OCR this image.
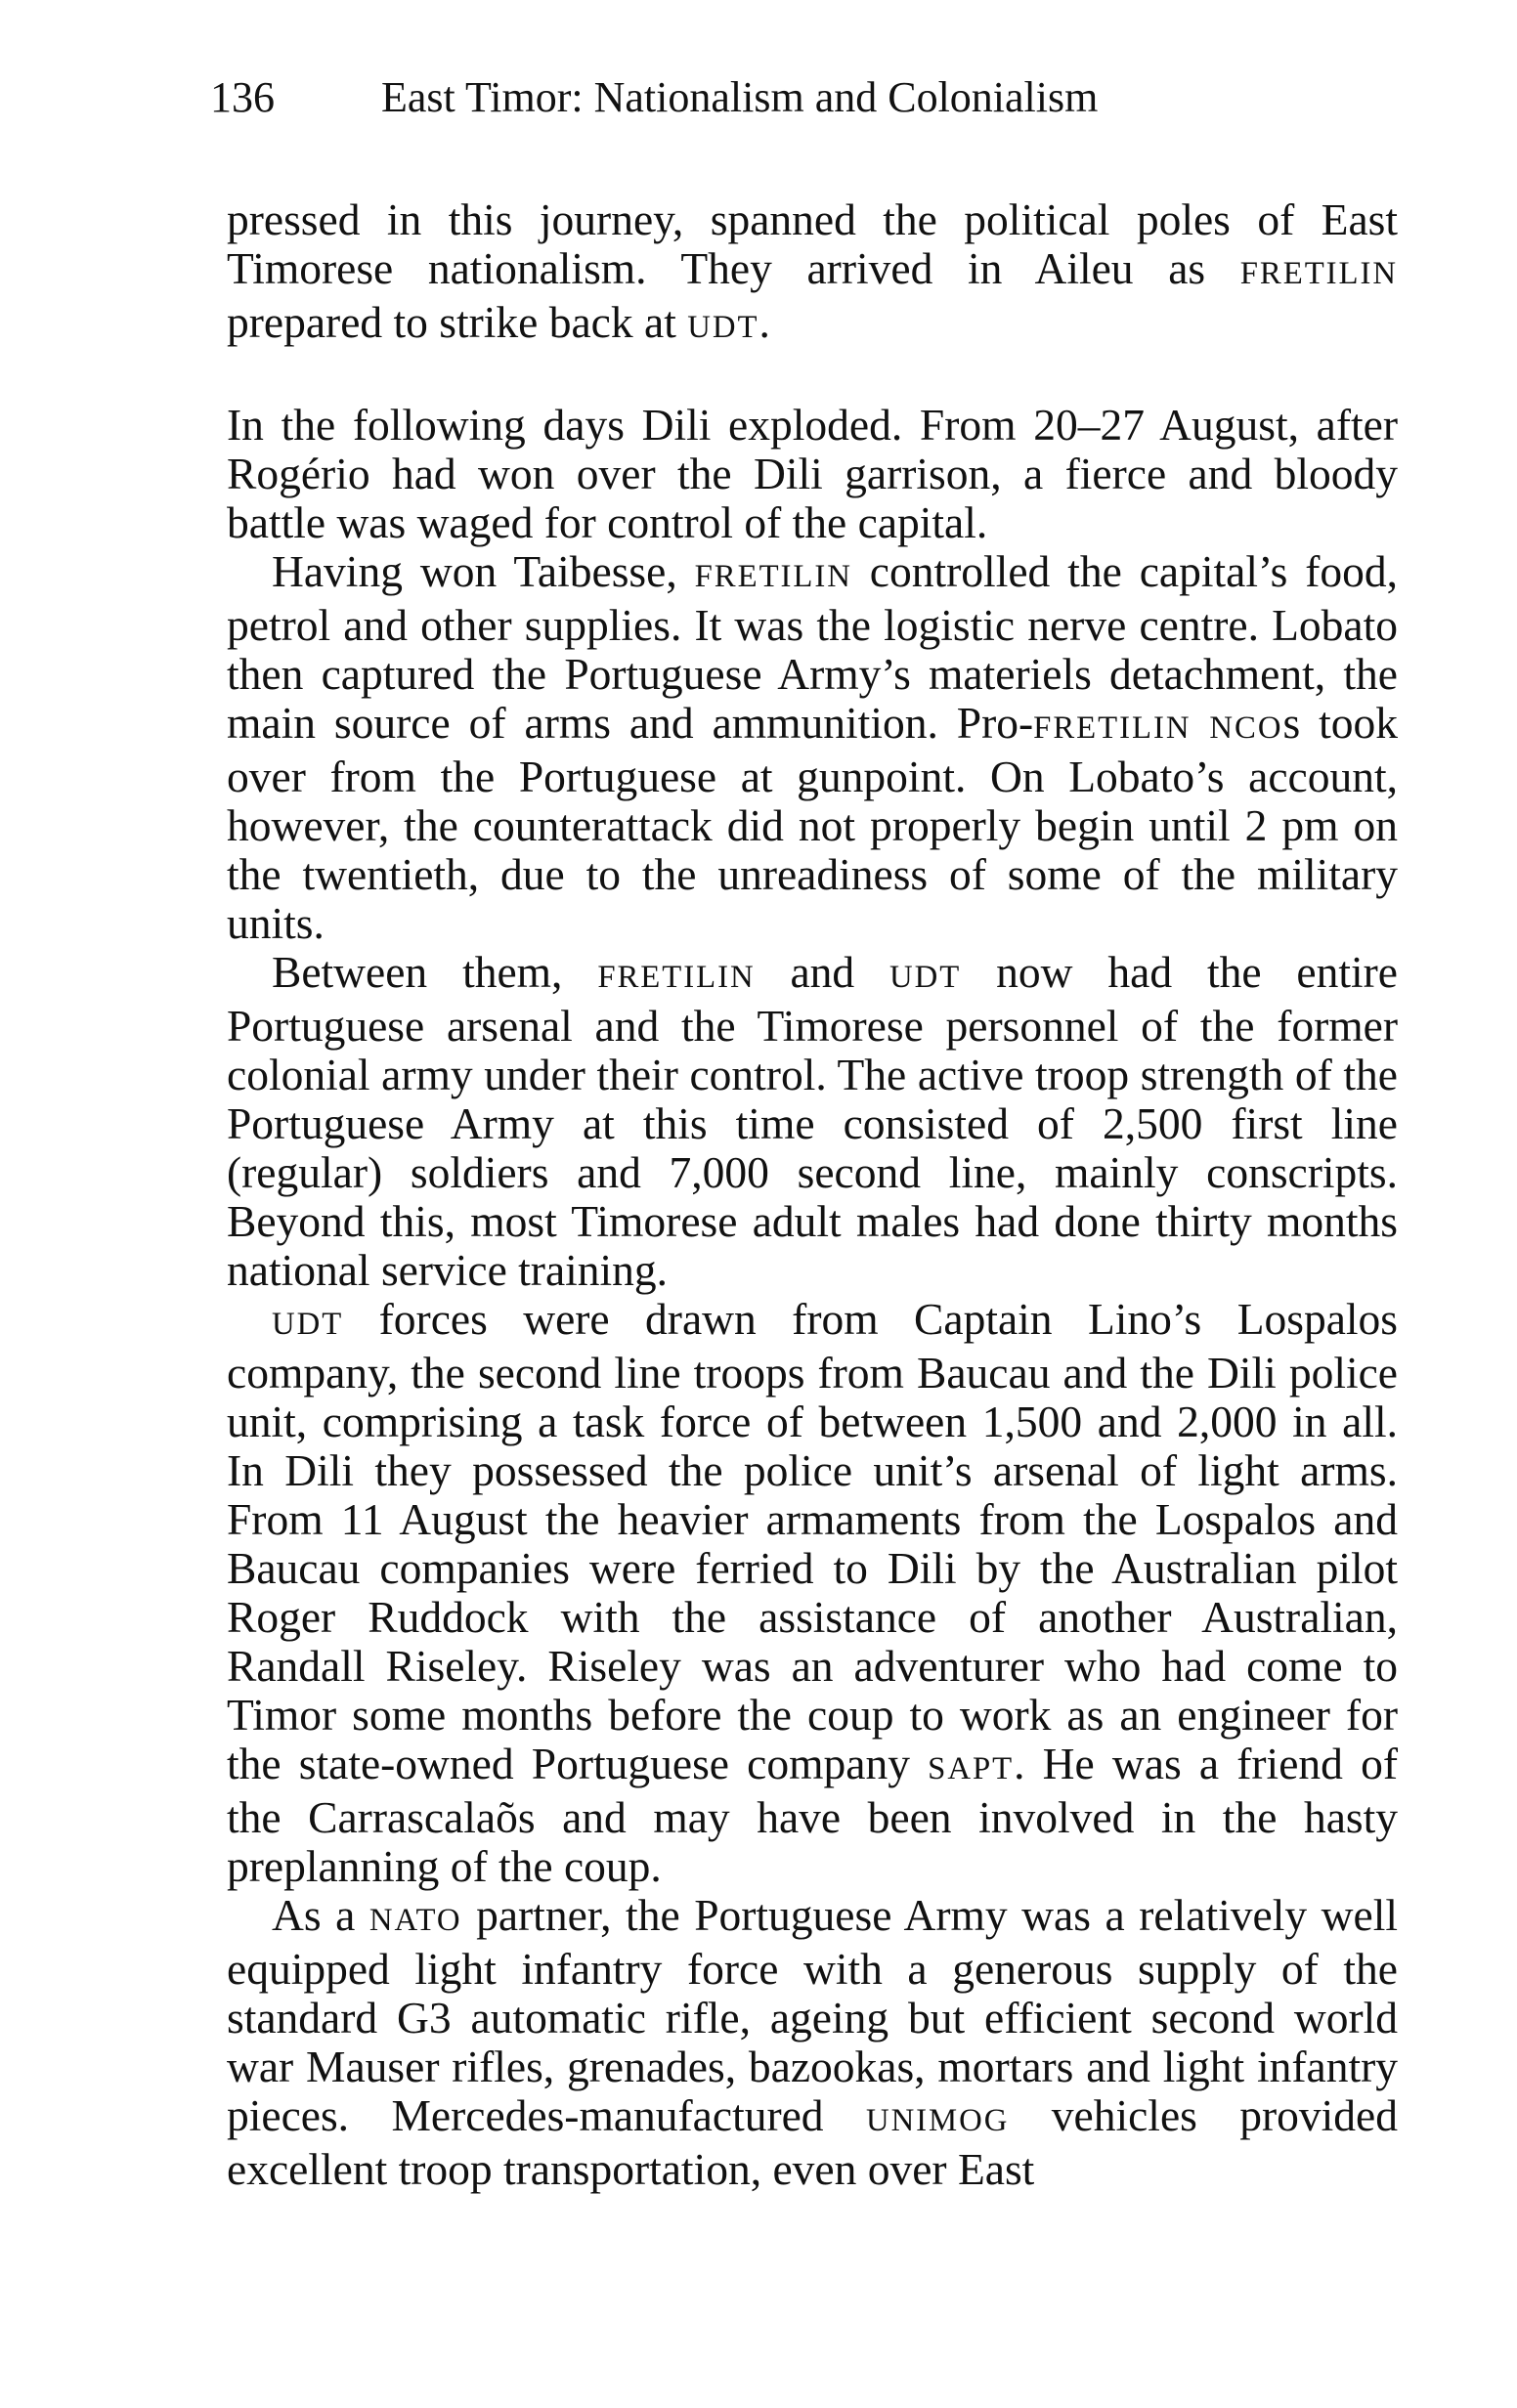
136 East Timor: Nationalism and Colonialism

pressed in this journey, spanned the political poles of East Timorese nationalism. They arrived in Aileu as FRETILIN prepared to strike back at UDT.

In the following days Dili exploded. From 20–27 August, after Rogério had won over the Dili garrison, a fierce and bloody battle was waged for control of the capital.

Having won Taibesse, FRETILIN controlled the capital’s food, petrol and other supplies. It was the logistic nerve centre. Lobato then captured the Portuguese Army’s materiels detachment, the main source of arms and ammunition. Pro-FRETILIN NCOs took over from the Portuguese at gunpoint. On Lobato’s account, however, the counterattack did not properly begin until 2 pm on the twentieth, due to the unreadiness of some of the military units.

Between them, FRETILIN and UDT now had the entire Portuguese arsenal and the Timorese personnel of the former colonial army under their control. The active troop strength of the Portuguese Army at this time consisted of 2,500 first line (regular) soldiers and 7,000 second line, mainly conscripts. Beyond this, most Timorese adult males had done thirty months national service training.

UDT forces were drawn from Captain Lino’s Lospalos company, the second line troops from Baucau and the Dili police unit, comprising a task force of between 1,500 and 2,000 in all. In Dili they possessed the police unit’s arsenal of light arms. From 11 August the heavier armaments from the Lospalos and Baucau companies were ferried to Dili by the Australian pilot Roger Ruddock with the assistance of another Australian, Randall Riseley. Riseley was an adventurer who had come to Timor some months before the coup to work as an engineer for the state-owned Portuguese company SAPT. He was a friend of the Carrascalaõs and may have been involved in the hasty preplanning of the coup.

As a NATO partner, the Portuguese Army was a relatively well equipped light infantry force with a generous supply of the standard G3 automatic rifle, ageing but efficient second world war Mauser rifles, grenades, bazookas, mortars and light infantry pieces. Mercedes-manufactured UNIMOG vehicles provided excellent troop transportation, even over East
